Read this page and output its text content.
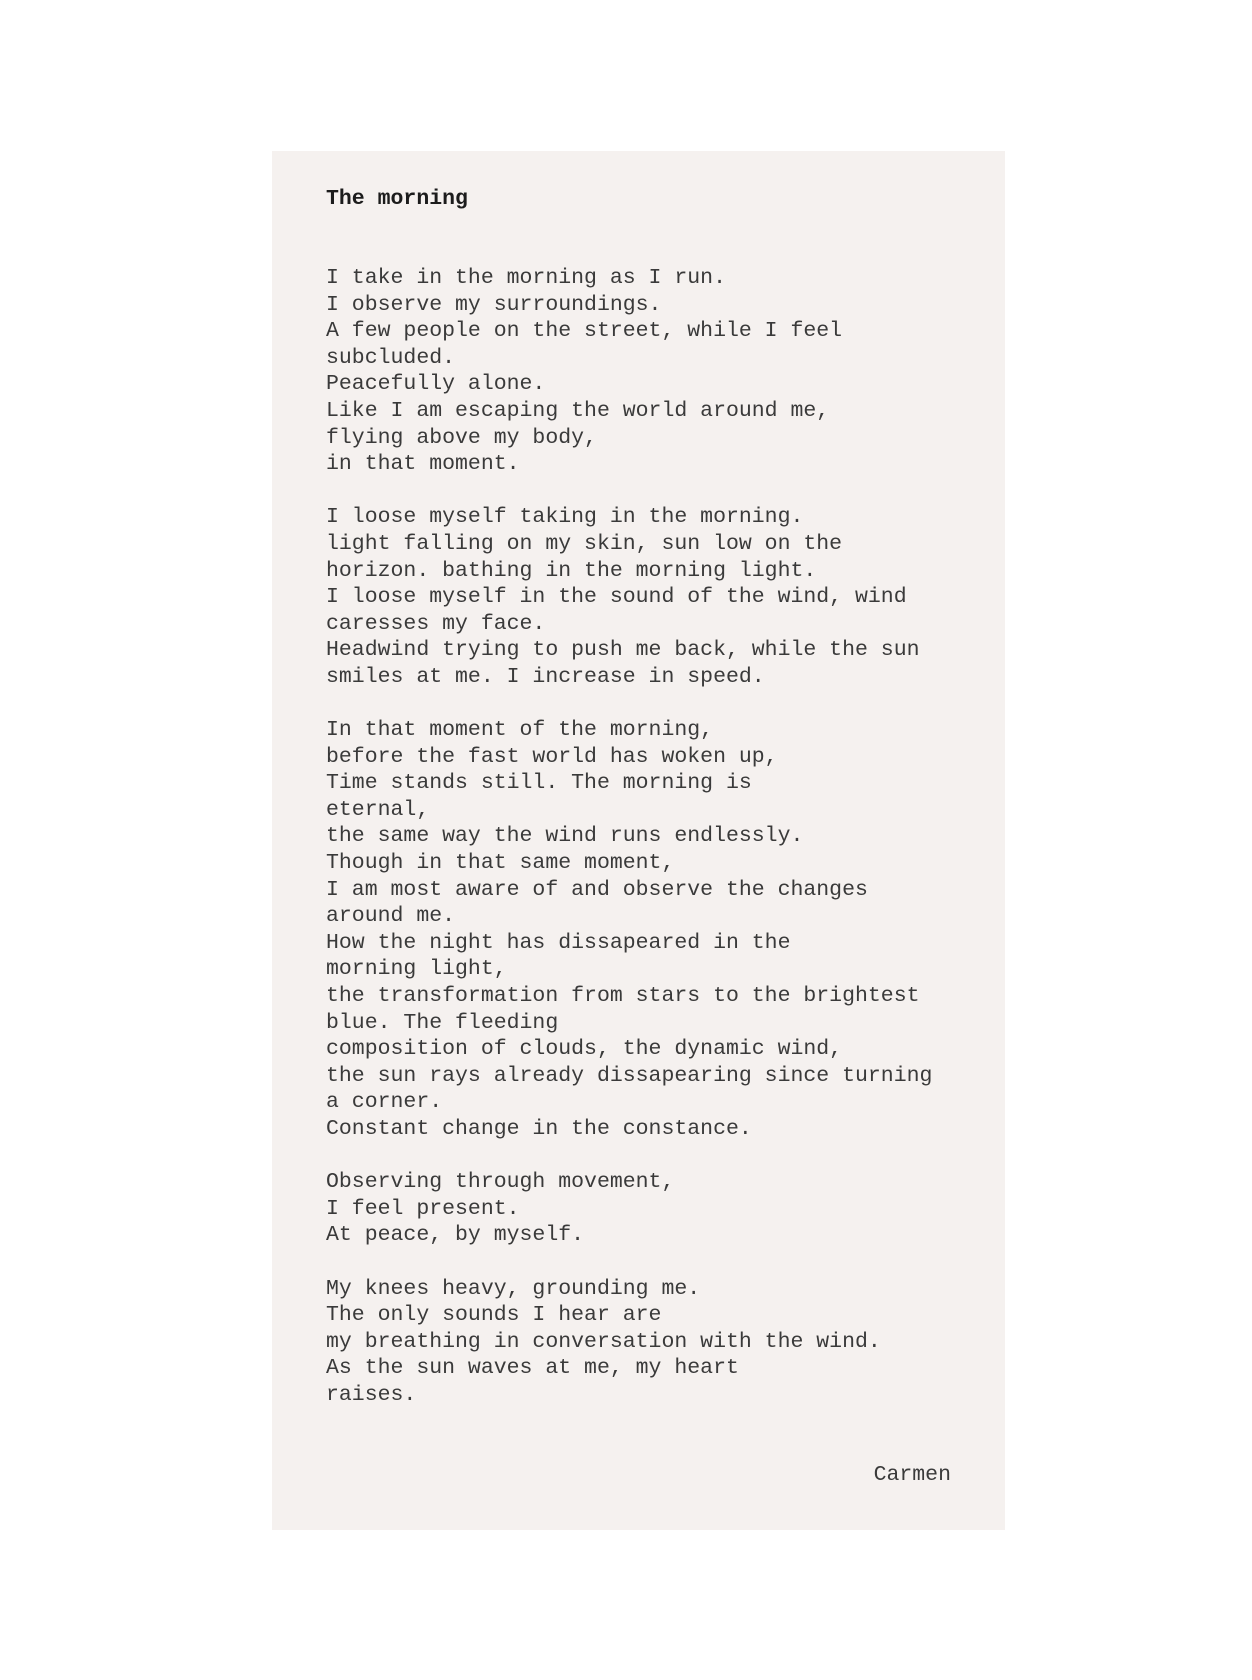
The morning
I take in the morning as I run.
I observe my surroundings.
A few people on the street, while I feel
subcluded.
Peacefully alone.
Like I am escaping the world around me,
flying above my body,
in that moment.
I loose myself taking in the morning.
light falling on my skin, sun low on the
horizon. bathing in the morning light.
I loose myself in the sound of the wind, wind
caresses my face.
Headwind trying to push me back, while the sun
smiles at me. I increase in speed.
In that moment of the morning,
before the fast world has woken up,
Time stands still. The morning is
eternal,
the same way the wind runs endlessly.
Though in that same moment,
I am most aware of and observe the changes
around me.
How the night has dissapeared in the
morning light,
the transformation from stars to the brightest
blue. The fleeding
composition of clouds, the dynamic wind,
the sun rays already dissapearing since turning
a corner.
Constant change in the constance.
Observing through movement,
I feel present.
At peace, by myself.
My knees heavy, grounding me.
The only sounds I hear are
my breathing in conversation with the wind.
As the sun waves at me, my heart
raises.

Carmen
